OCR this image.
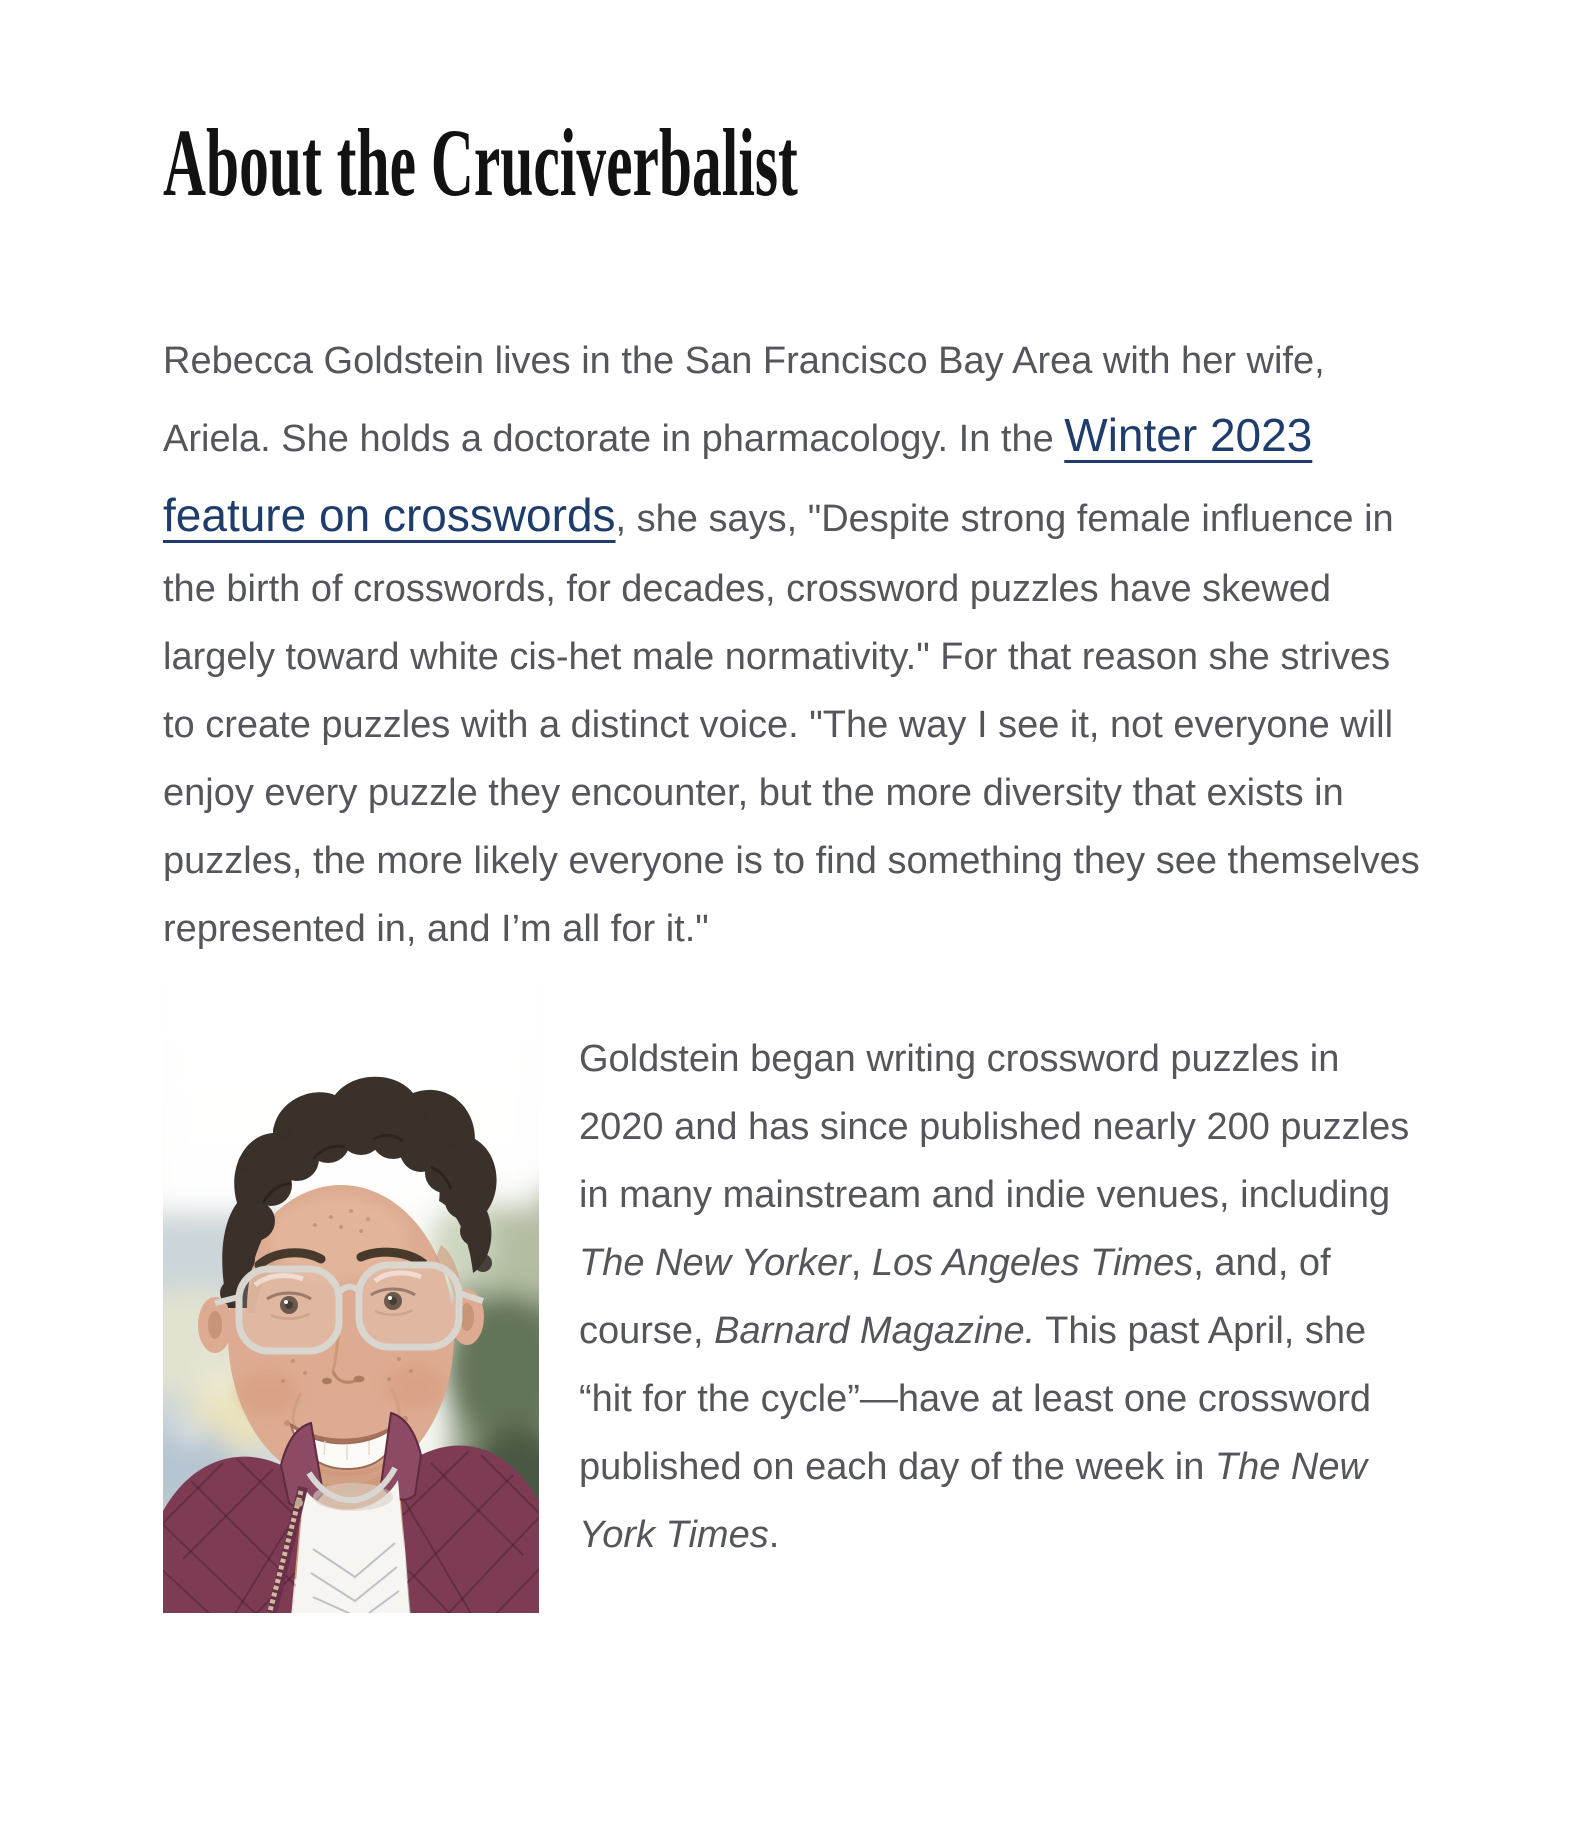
About the Cruciverbalist

Rebecca Goldstein lives in the San Francisco Bay Area with her wife, Ariela. She holds a doctorate in pharmacology. In the Winter 2023 feature on crosswords, she says, "Despite strong female influence in the birth of crosswords, for decades, crossword puzzles have skewed largely toward white cis-het male normativity." For that reason she strives to create puzzles with a distinct voice. "The way I see it, not everyone will enjoy every puzzle they encounter, but the more diversity that exists in puzzles, the more likely everyone is to find something they see themselves represented in, and I’m all for it."

Goldstein began writing crossword puzzles in 2020 and has since published nearly 200 puzzles in many mainstream and indie venues, including The New Yorker, Los Angeles Times, and, of course, Barnard Magazine. This past April, she “hit for the cycle”—have at least one crossword published on each day of the week in The New York Times.
